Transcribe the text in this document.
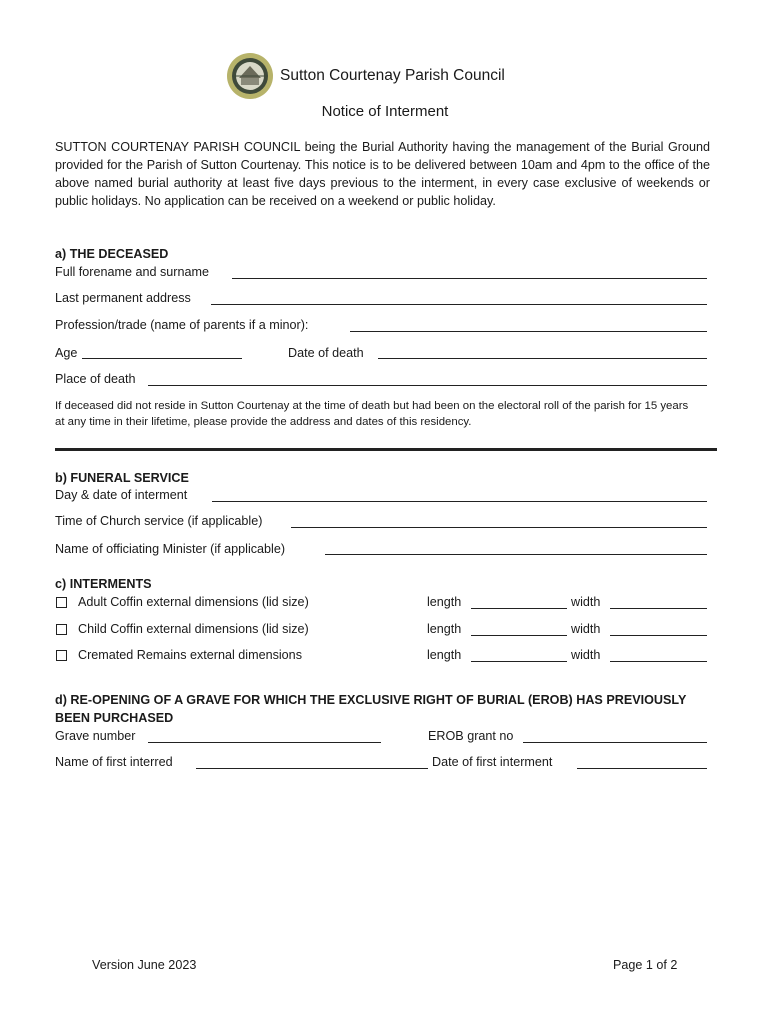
Sutton Courtenay Parish Council
Notice of Interment
SUTTON COURTENAY PARISH COUNCIL being the Burial Authority having the management of the Burial Ground provided for the Parish of Sutton Courtenay. This notice is to be delivered between 10am and 4pm to the office of the above named burial authority at least five days previous to the interment, in every case exclusive of weekends or public holidays. No application can be received on a weekend or public holiday.
a) THE DECEASED
Full forename and surname
Last permanent address
Profession/trade (name of parents if a minor):
Age	Date of death
Place of death
If deceased did not reside in Sutton Courtenay at the time of death but had been on the electoral roll of the parish for 15 years at any time in their lifetime, please provide the address and dates of this residency.
b) FUNERAL SERVICE
Day & date of interment
Time of Church service (if applicable)
Name of officiating Minister (if applicable)
c) INTERMENTS
Adult Coffin external dimensions (lid size)	length	width
Child Coffin external dimensions (lid size)	length	width
Cremated Remains external dimensions	length	width
d) RE-OPENING OF A GRAVE FOR WHICH THE EXCLUSIVE RIGHT OF BURIAL (EROB) HAS PREVIOUSLY BEEN PURCHASED
Grave number	EROB grant no
Name of first interred	Date of first interment
Version June 2023	Page 1 of 2
